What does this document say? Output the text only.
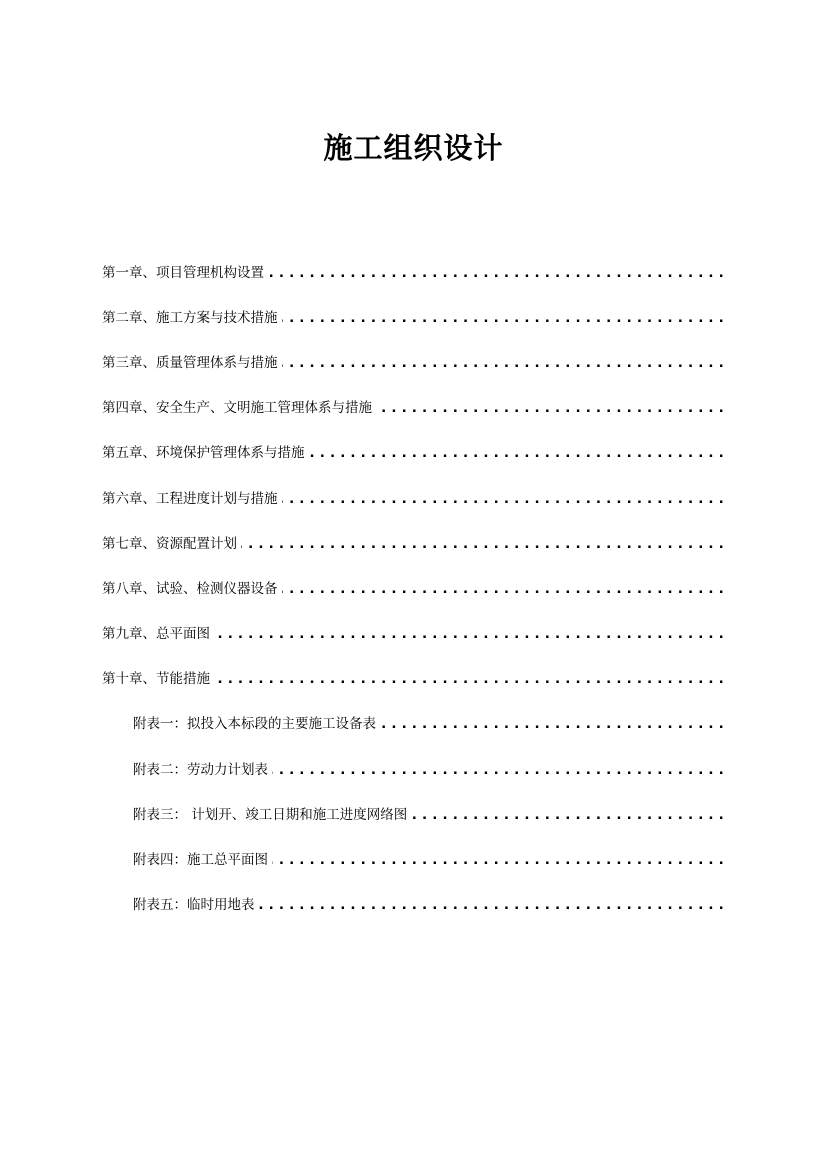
施工组织设计
第一章、项目管理机构设置
. . .
第二章、施工方案与技术措施
. . .
第三章、质量管理体系与措施
. . .
第四章、安全生产、文明施工管理体系与措施
. . .
第五章、环境保护管理体系与措施
. . .
第六章、工程进度计划与措施
. . .
第七章、资源配置计划
. . .
第八章、试验、检测仪器设备
. . .
第九章、总平面图
. . .
第十章、节能措施
. . .
附表一：拟投入本标段的主要施工设备表
. . .
附表二：劳动力计划表
. . .
附表三： 计划开、竣工日期和施工进度网络图
. . .
附表四：施工总平面图
. . .
附表五：临时用地表
. . .
